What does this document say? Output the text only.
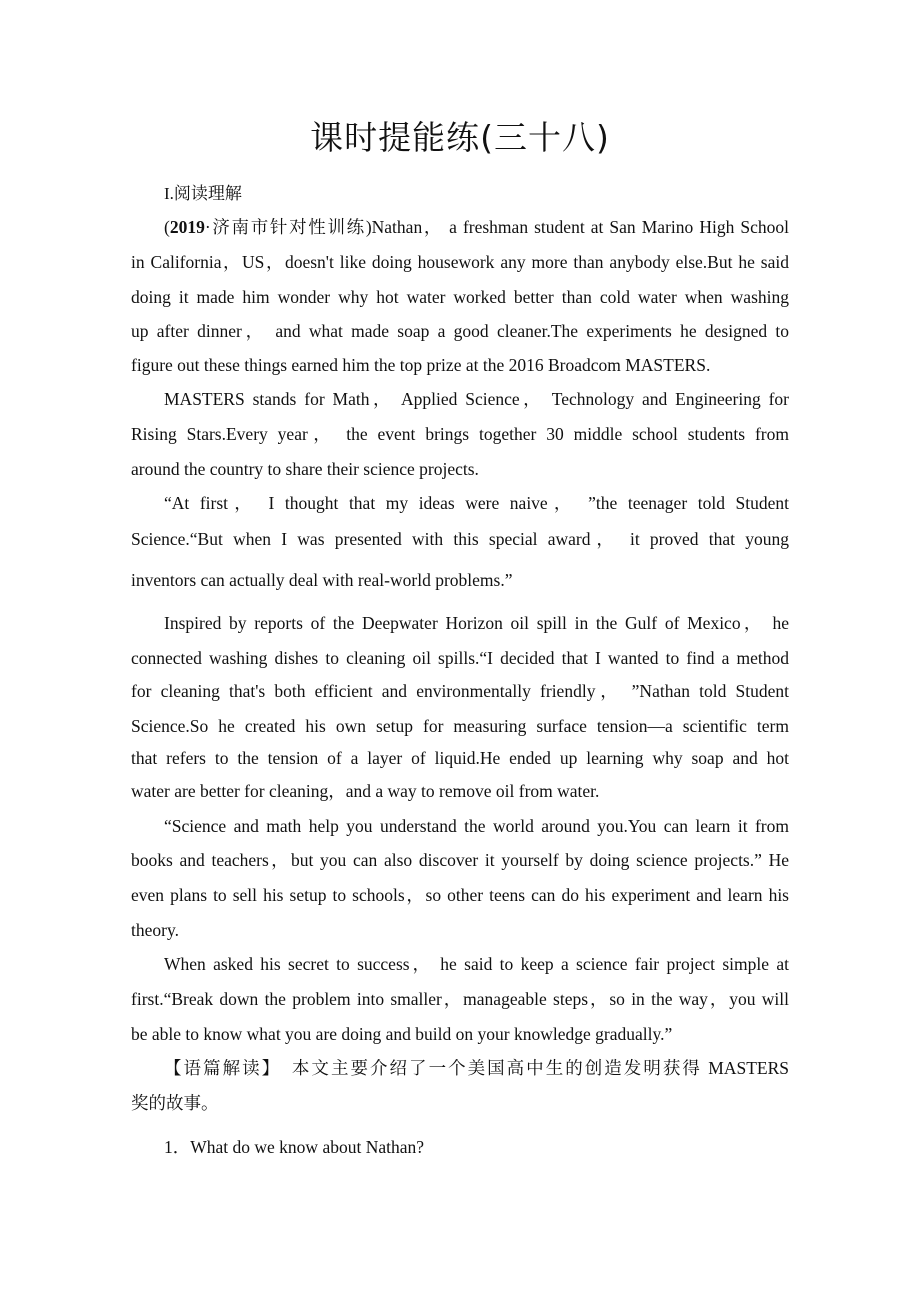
课时提能练(三十八)
I.阅读理解
(2019·济南市针对性训练)Nathan， a freshman student at San Marino High School
in California，US，doesn't like doing housework any more than anybody else.But he said
doing it made him wonder why hot water worked better than cold water when washing
up after dinner， and what made soap a good cleaner.The experiments he designed to
figure out these things earned him the top prize at the 2016 Broadcom MASTERS.
MASTERS stands for Math， Applied Science， Technology and Engineering for
Rising Stars.Every year， the event brings together 30 middle school students from
around the country to share their science projects.
“At first， I thought that my ideas were naive， ”the teenager told Student
Science.“But when I was presented with this special award， it proved that young
inventors can actually deal with real-world problems.”
Inspired by reports of the Deepwater Horizon oil spill in the Gulf of Mexico， he
connected washing dishes to cleaning oil spills.“I decided that I wanted to find a method
for cleaning that's both efficient and environmentally friendly， ”Nathan told Student
Science.So he created his own setup for measuring surface tension—a scientific term
that refers to the tension of a layer of liquid.He ended up learning why soap and hot
water are better for cleaning，and a way to remove oil from water.
“Science and math help you understand the world around you.You can learn it from
books and teachers，but you can also discover it yourself by doing science projects.” He
even plans to sell his setup to schools，so other teens can do his experiment and learn his
theory.
When asked his secret to success， he said to keep a science fair project simple at
first.“Break down the problem into smaller，manageable steps，so in the way，you will
be able to know what you are doing and build on your knowledge gradually.”
【语篇解读】　本文主要介绍了一个美国高中生的创造发明获得 MASTERS
奖的故事。
1．What do we know about Nathan?
